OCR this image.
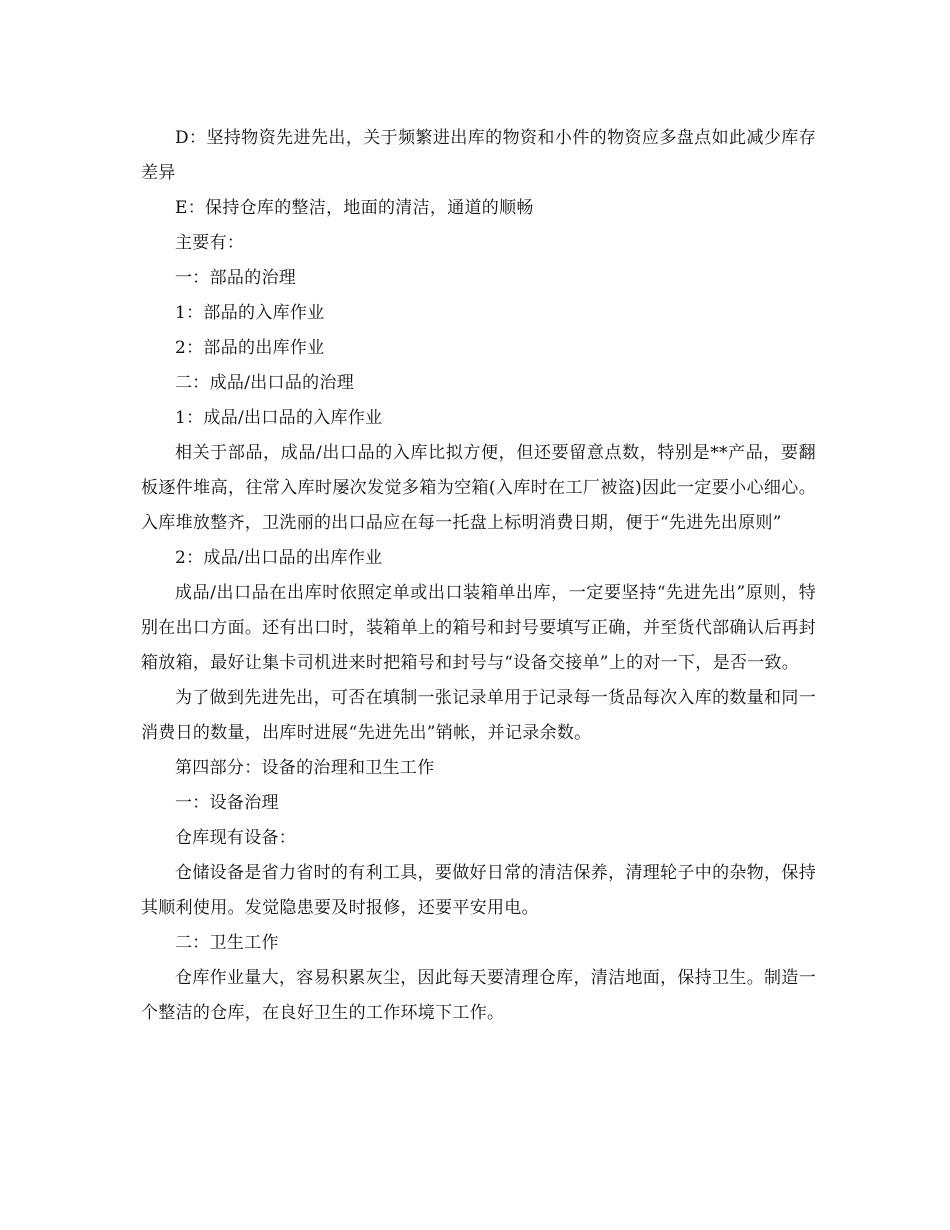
D：坚持物资先进先出，关于频繁进出库的物资和小件的物资应多盘点如此减少库存差异

E：保持仓库的整洁，地面的清洁，通道的顺畅

主要有：

一：部品的治理

1：部品的入库作业

2：部品的出库作业

二：成品/出口品的治理

1：成品/出口品的入库作业

相关于部品，成品/出口品的入库比拟方便，但还要留意点数，特别是**产品，要翻板逐件堆高，往常入库时屡次发觉多箱为空箱(入库时在工厂被盗)因此一定要小心细心。入库堆放整齐，卫洗丽的出口品应在每一托盘上标明消费日期，便于“先进先出原则”

2：成品/出口品的出库作业

成品/出口品在出库时依照定单或出口装箱单出库，一定要坚持“先进先出”原则，特别在出口方面。还有出口时，装箱单上的箱号和封号要填写正确，并至货代部确认后再封箱放箱，最好让集卡司机进来时把箱号和封号与“设备交接单”上的对一下，是否一致。

为了做到先进先出，可否在填制一张记录单用于记录每一货品每次入库的数量和同一消费日的数量，出库时进展“先进先出”销帐，并记录余数。

第四部分：设备的治理和卫生工作

一：设备治理

仓库现有设备：

仓储设备是省力省时的有利工具，要做好日常的清洁保养，清理轮子中的杂物，保持其顺利使用。发觉隐患要及时报修，还要平安用电。

二：卫生工作

仓库作业量大，容易积累灰尘，因此每天要清理仓库，清洁地面，保持卫生。制造一个整洁的仓库，在良好卫生的工作环境下工作。
